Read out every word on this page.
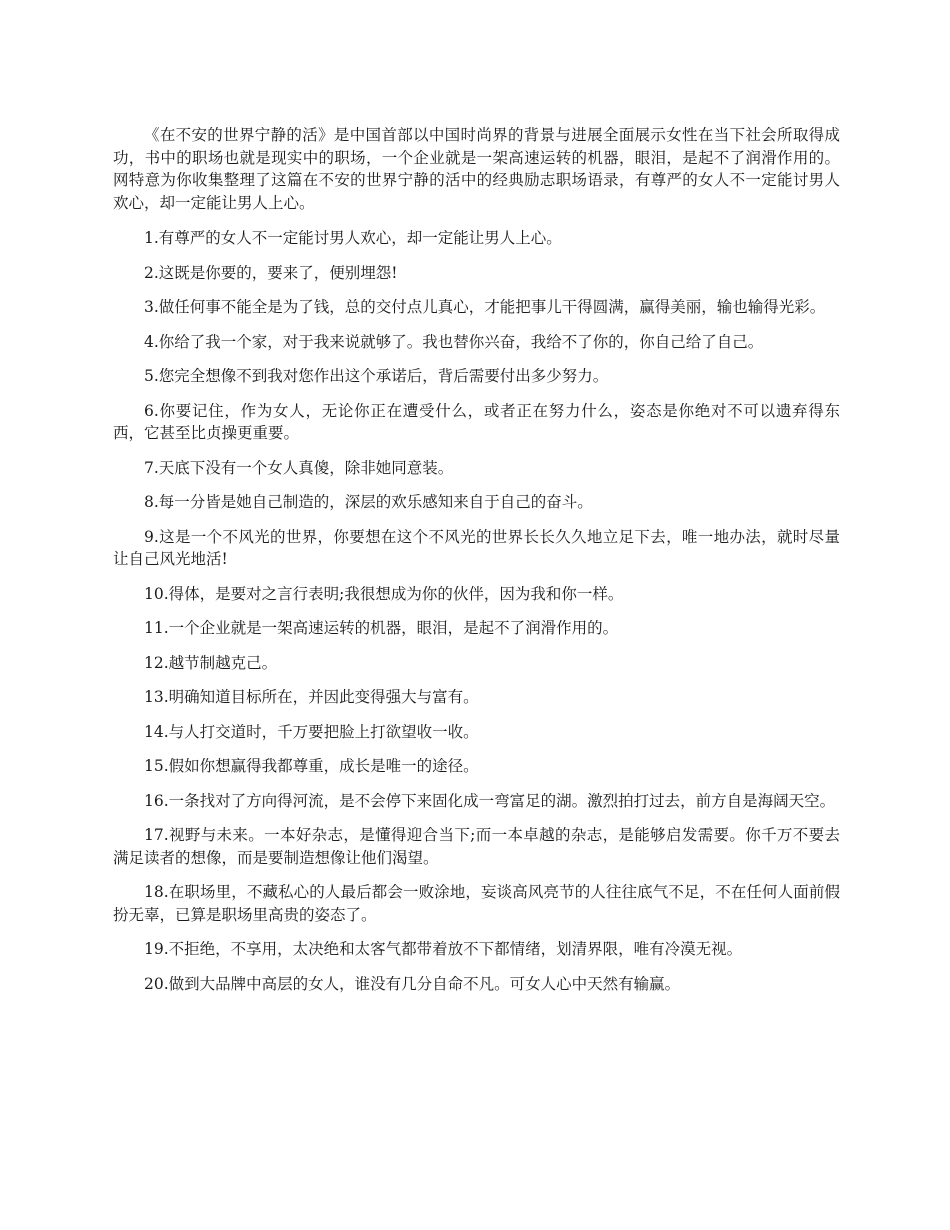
《在不安的世界宁静的活》是中国首部以中国时尚界的背景与进展全面展示女性在当下社会所取得成功，书中的职场也就是现实中的职场，一个企业就是一架高速运转的机器，眼泪，是起不了润滑作用的。网特意为你收集整理了这篇在不安的世界宁静的活中的经典励志职场语录，有尊严的女人不一定能讨男人欢心，却一定能让男人上心。

1.有尊严的女人不一定能讨男人欢心，却一定能让男人上心。

2.这既是你要的，要来了，便别埋怨!

3.做任何事不能全是为了钱，总的交付点儿真心，才能把事儿干得圆满，赢得美丽，输也输得光彩。

4.你给了我一个家，对于我来说就够了。我也替你兴奋，我给不了你的，你自己给了自己。

5.您完全想像不到我对您作出这个承诺后，背后需要付出多少努力。

6.你要记住，作为女人，无论你正在遭受什么，或者正在努力什么，姿态是你绝对不可以遗弃得东西，它甚至比贞操更重要。

7.天底下没有一个女人真傻，除非她同意装。

8.每一分皆是她自己制造的，深层的欢乐感知来自于自己的奋斗。

9.这是一个不风光的世界，你要想在这个不风光的世界长长久久地立足下去，唯一地办法，就时尽量让自己风光地活!

10.得体，是要对之言行表明;我很想成为你的伙伴，因为我和你一样。

11.一个企业就是一架高速运转的机器，眼泪，是起不了润滑作用的。

12.越节制越克己。

13.明确知道目标所在，并因此变得强大与富有。

14.与人打交道时，千万要把脸上打欲望收一收。

15.假如你想赢得我都尊重，成长是唯一的途径。

16.一条找对了方向得河流，是不会停下来固化成一弯富足的湖。激烈拍打过去，前方自是海阔天空。

17.视野与未来。一本好杂志，是懂得迎合当下;而一本卓越的杂志，是能够启发需要。你千万不要去满足读者的想像，而是要制造想像让他们渴望。

18.在职场里，不藏私心的人最后都会一败涂地，妄谈高风亮节的人往往底气不足，不在任何人面前假扮无辜，已算是职场里高贵的姿态了。

19.不拒绝，不享用，太决绝和太客气都带着放不下都情绪，划清界限，唯有冷漠无视。

20.做到大品牌中高层的女人，谁没有几分自命不凡。可女人心中天然有输赢。
